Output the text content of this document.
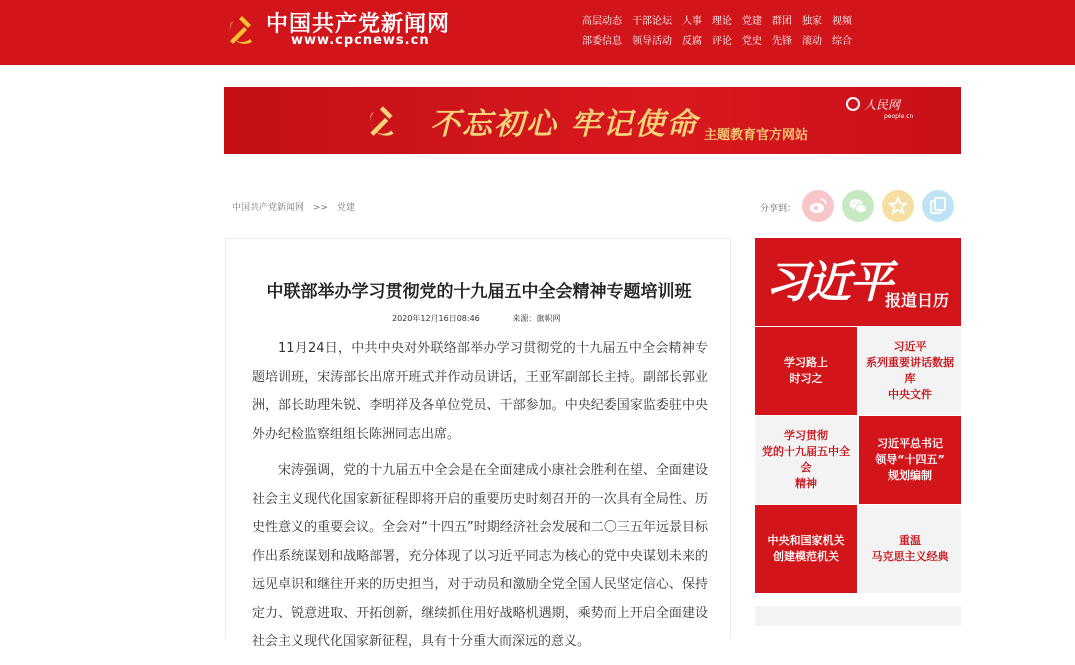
中国共产党新闻网
www.cpcnews.cn
高层动态 干部论坛 人事 理论 党建 群团 独家 视频
部委信息 领导活动 反腐 评论 党史 先锋 滚动 综合
不忘初心 牢记使命 主题教育官方网站
人民网
people.cn
中国共产党新闻网 >> 党建	分享到：
中联部举办学习贯彻党的十九届五中全会精神专题培训班
2020年12月16日08:46	来源：旗帜网

11月24日，中共中央对外联络部举办学习贯彻党的十九届五中全会精神专题培训班，宋涛部长出席开班式并作动员讲话，王亚军副部长主持。副部长郭业洲，部长助理朱锐、李明祥及各单位党员、干部参加。中央纪委国家监委驻中央外办纪检监察组组长陈洲同志出席。

宋涛强调，党的十九届五中全会是在全面建成小康社会胜利在望、全面建设社会主义现代化国家新征程即将开启的重要历史时刻召开的一次具有全局性、历史性意义的重要会议。全会对“十四五”时期经济社会发展和二〇三五年远景目标作出系统谋划和战略部署，充分体现了以习近平同志为核心的党中央谋划未来的远见卓识和继往开来的历史担当，对于动员和激励全党全国人民坚定信心、保持定力、锐意进取、开拓创新，继续抓住用好战略机遇期，乘势而上开启全面建设社会主义现代化国家新征程，具有十分重大而深远的意义。

习近平
报道日历
学习路上
时习之
习近平
系列重要讲话数据库
中央文件
学习贯彻
党的十九届五中全会
精神
习近平总书记
领导“十四五”
规划编制
中央和国家机关
创建模范机关
重温
马克思主义经典
